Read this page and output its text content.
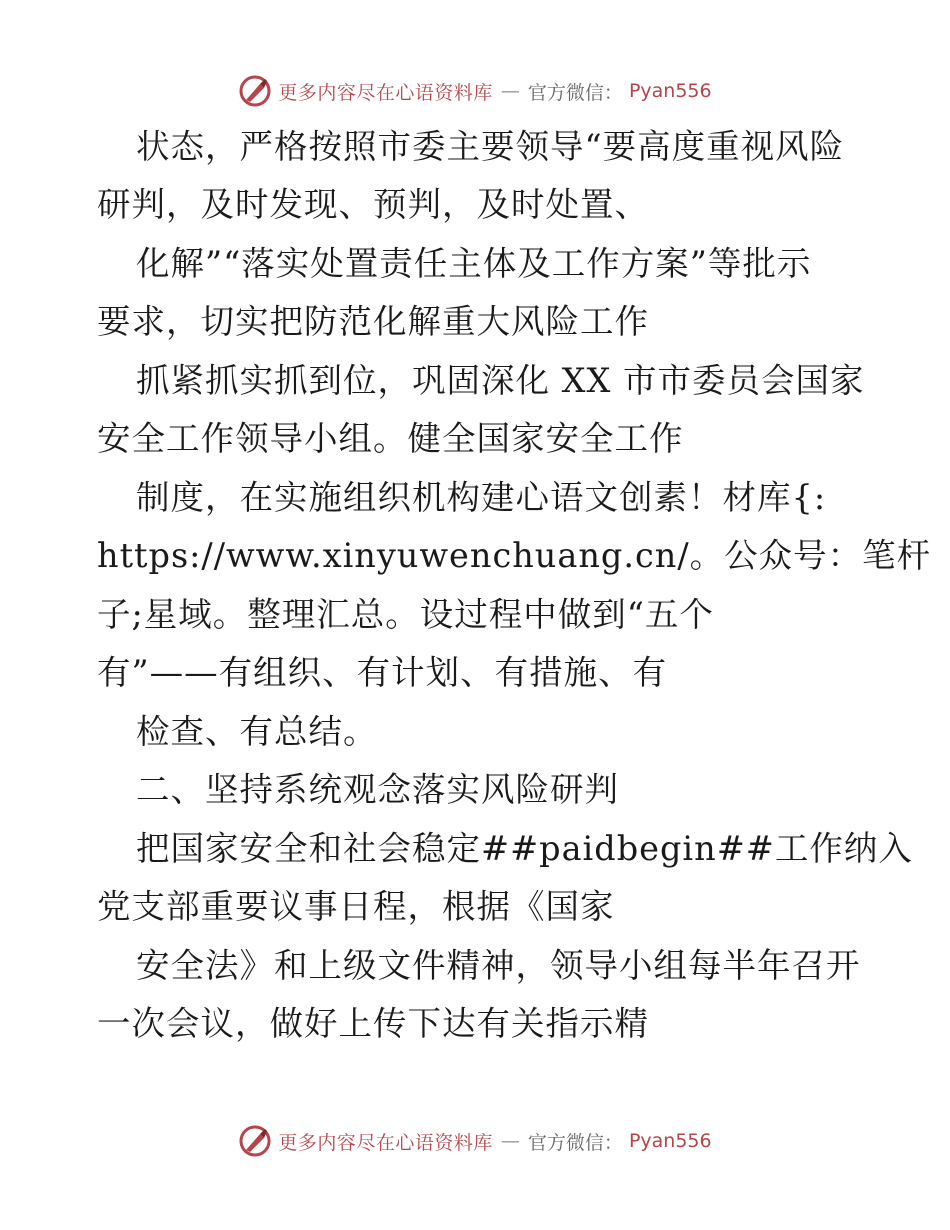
更多内容尽在心语资料库 — 官方微信： Pyan556
状态，严格按照市委主要领导“要高度重视风险
研判，及时发现、预判，及时处置、
化解”“落实处置责任主体及工作方案”等批示
要求，切实把防范化解重大风险工作
抓紧抓实抓到位，巩固深化 XX 市市委员会国家
安全工作领导小组。健全国家安全工作
制度，在实施组织机构建心语文创素！材库{:
https://www.xinyuwenchuang.cn/。公众号：笔杆
子;星域。整理汇总。设过程中做到“五个
有”——有组织、有计划、有措施、有
检查、有总结。
二、坚持系统观念落实风险研判
把国家安全和社会稳定##paidbegin##工作纳入
党支部重要议事日程，根据《国家
安全法》和上级文件精神，领导小组每半年召开
一次会议，做好上传下达有关指示精
更多内容尽在心语资料库 — 官方微信： Pyan556
